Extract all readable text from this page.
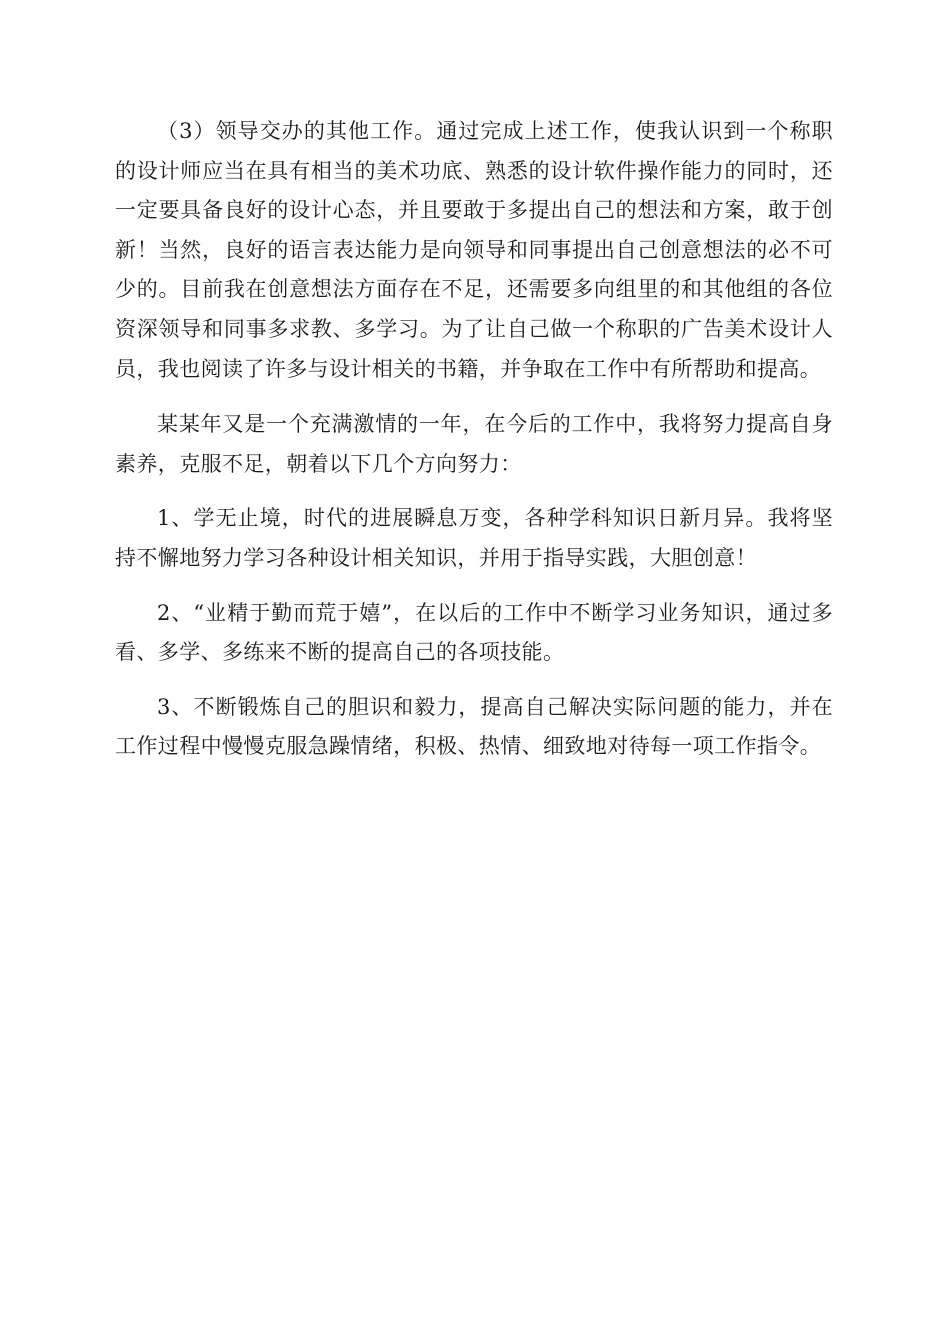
（3）领导交办的其他工作。通过完成上述工作，使我认识到一个称职的设计师应当在具有相当的美术功底、熟悉的设计软件操作能力的同时，还一定要具备良好的设计心态，并且要敢于多提出自己的想法和方案，敢于创新！当然，良好的语言表达能力是向领导和同事提出自己创意想法的必不可少的。目前我在创意想法方面存在不足，还需要多向组里的和其他组的各位资深领导和同事多求教、多学习。为了让自己做一个称职的广告美术设计人员，我也阅读了许多与设计相关的书籍，并争取在工作中有所帮助和提高。

某某年又是一个充满激情的一年，在今后的工作中，我将努力提高自身素养，克服不足，朝着以下几个方向努力：

1、学无止境，时代的进展瞬息万变，各种学科知识日新月异。我将坚持不懈地努力学习各种设计相关知识，并用于指导实践，大胆创意！

2、“业精于勤而荒于嬉”，在以后的工作中不断学习业务知识，通过多看、多学、多练来不断的提高自己的各项技能。

3、不断锻炼自己的胆识和毅力，提高自己解决实际问题的能力，并在工作过程中慢慢克服急躁情绪，积极、热情、细致地对待每一项工作指令。
